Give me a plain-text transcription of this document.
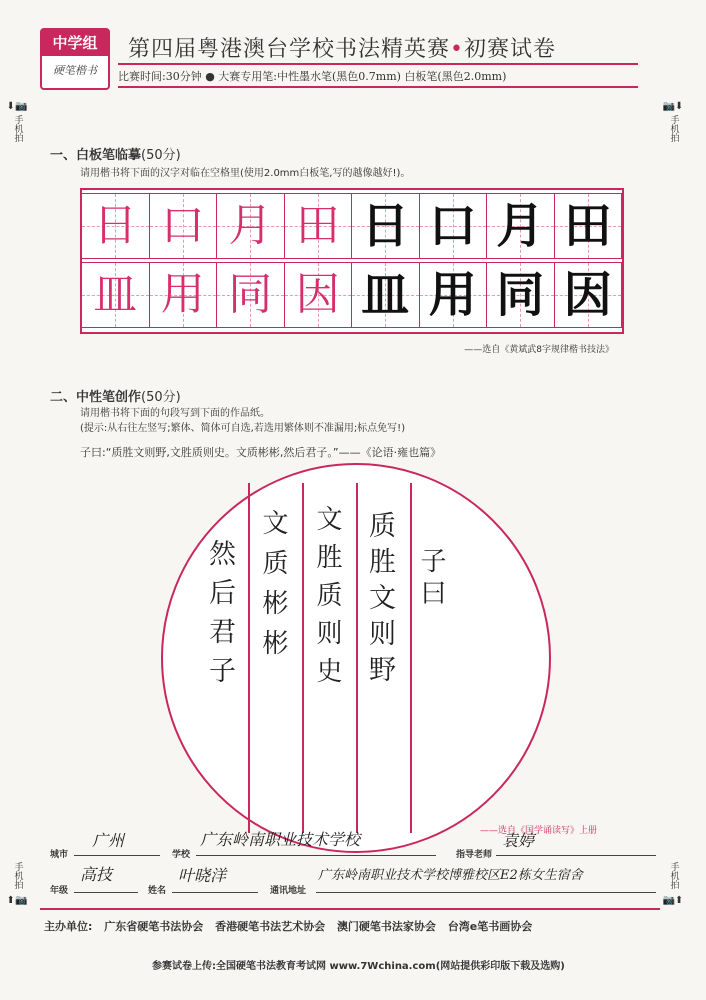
中学组
硬笔楷书
第四届粤港澳台学校书法精英赛•初赛试卷
比赛时间:30分钟 ● 大赛专用笔:中性墨水笔(黑色0.7mm) 白板笔(黑色2.0mm)
⬇📷
手机拍
📷⬇
手机拍
手机拍
⬆📷
手机拍
📷⬆
一、白板笔临摹(50分)
请用楷书将下面的汉字对临在空格里(使用2.0mm白板笔,写的越像越好!)。
日 口 月 田 日 口 月 田
皿 用 同 因 皿 用 同 因
——选自《黄斌武8字规律楷书技法》
二、中性笔创作(50分)
请用楷书将下面的句段写到下面的作品纸。
(提示:从右往左竖写;繁体、简体可自选,若选用繁体则不准漏用;标点免写!)
子曰:“质胜文则野,文胜质则史。文质彬彬,然后君子。”——《论语·雍也篇》
子曰
质胜文则野
文胜质则史
文质彬彬
然后君子
——选自《国学诵读写》上册
城市
广州
学校
广东岭南职业技术学校
指导老师
袁婷
年级
高技
姓名
叶晓洋
通讯地址
广东岭南职业技术学校博雅校区E2栋女生宿舍
主办单位: 广东省硬笔书法协会 香港硬笔书法艺术协会 澳门硬笔书法家协会 台湾e笔书画协会
参赛试卷上传:全国硬笔书法教育考试网 www.7Wchina.com(网站提供彩印版下载及选购)
